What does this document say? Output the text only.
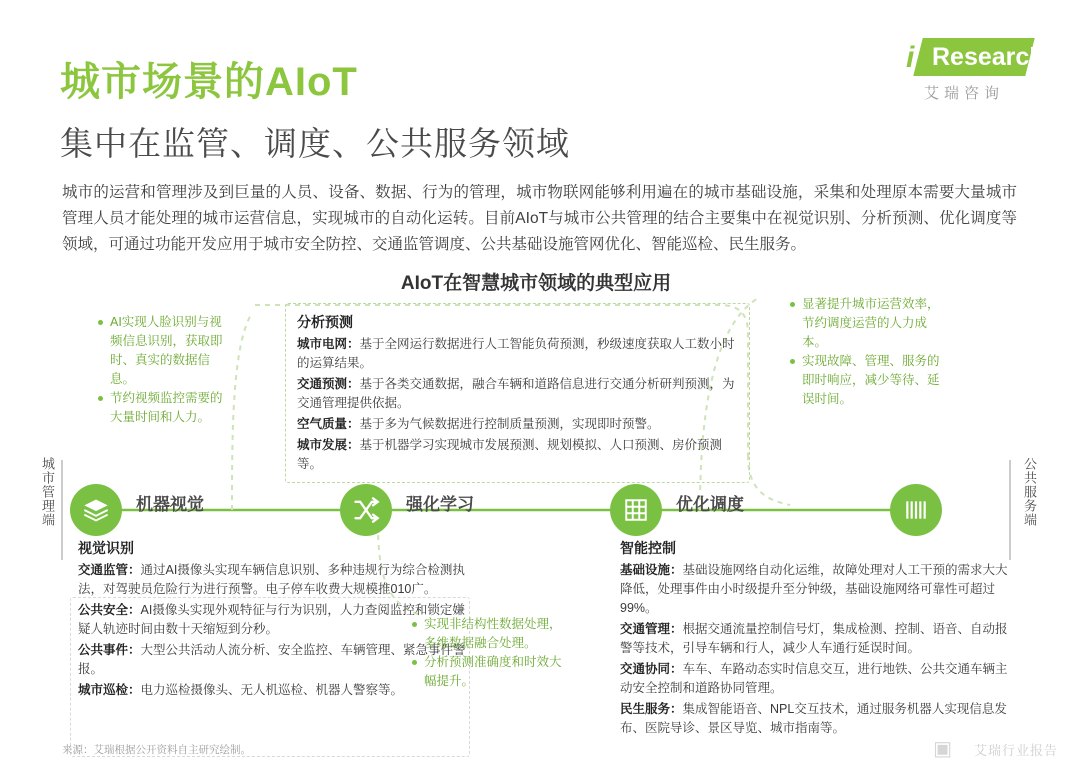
城市场景的AIoT
集中在监管、调度、公共服务领域
i Research
艾瑞咨询
城市的运营和管理涉及到巨量的人员、设备、数据、行为的管理，城市物联网能够利用遍在的城市基础设施，采集和处理原本需要大量城市管理人员才能处理的城市运营信息，实现城市的自动化运转。目前AIoT与城市公共管理的结合主要集中在视觉识别、分析预测、优化调度等领域，可通过功能开发应用于城市安全防控、交通监管调度、公共基础设施管网优化、智能巡检、民生服务。
AIoT在智慧城市领域的典型应用
城市管理端	公共服务端
机器视觉	强化学习	优化调度
AI实现人脸识别与视频信息识别，获取即时、真实的数据信息。
节约视频监控需要的大量时间和人力。
分析预测
城市电网：基于全网运行数据进行人工智能负荷预测，秒级速度获取人工数小时的运算结果。
交通预测：基于各类交通数据，融合车辆和道路信息进行交通分析研判预测，为交通管理提供依据。
空气质量：基于多为气候数据进行控制质量预测，实现即时预警。
城市发展：基于机器学习实现城市发展预测、规划模拟、人口预测、房价预测等。
显著提升城市运营效率，节约调度运营的人力成本。
实现故障、管理、服务的即时响应，减少等待、延误时间。
视觉识别
交通监管：通过AI摄像头实现车辆信息识别、多种违规行为综合检测执法，对驾驶员危险行为进行预警。电子停车收费大规模推010广。
公共安全：AI摄像头实现外观特征与行为识别，人力查阅监控和锁定嫌疑人轨迹时间由数十天缩短到分秒。
公共事件：大型公共活动人流分析、安全监控、车辆管理、紧急事件警报。
城市巡检：电力巡检摄像头、无人机巡检、机器人警察等。
实现非结构性数据处理，多维数据融合处理。
分析预测准确度和时效大幅提升。
智能控制
基础设施：基础设施网络自动化运维，故障处理对人工干预的需求大大降低，处理事件由小时级提升至分钟级，基础设施网络可靠性可超过99%。
交通管理：根据交通流量控制信号灯，集成检测、控制、语音、自动报警等技术，引导车辆和行人，减少人车通行延误时间。
交通协同：车车、车路动态实时信息交互，进行地铁、公共交通车辆主动安全控制和道路协同管理。
民生服务：集成智能语音、NPL交互技术，通过服务机器人实现信息发布、医院导诊、景区导览、城市指南等。
来源：艾瑞根据公开资料自主研究绘制。	▣ 艾瑞行业报告
